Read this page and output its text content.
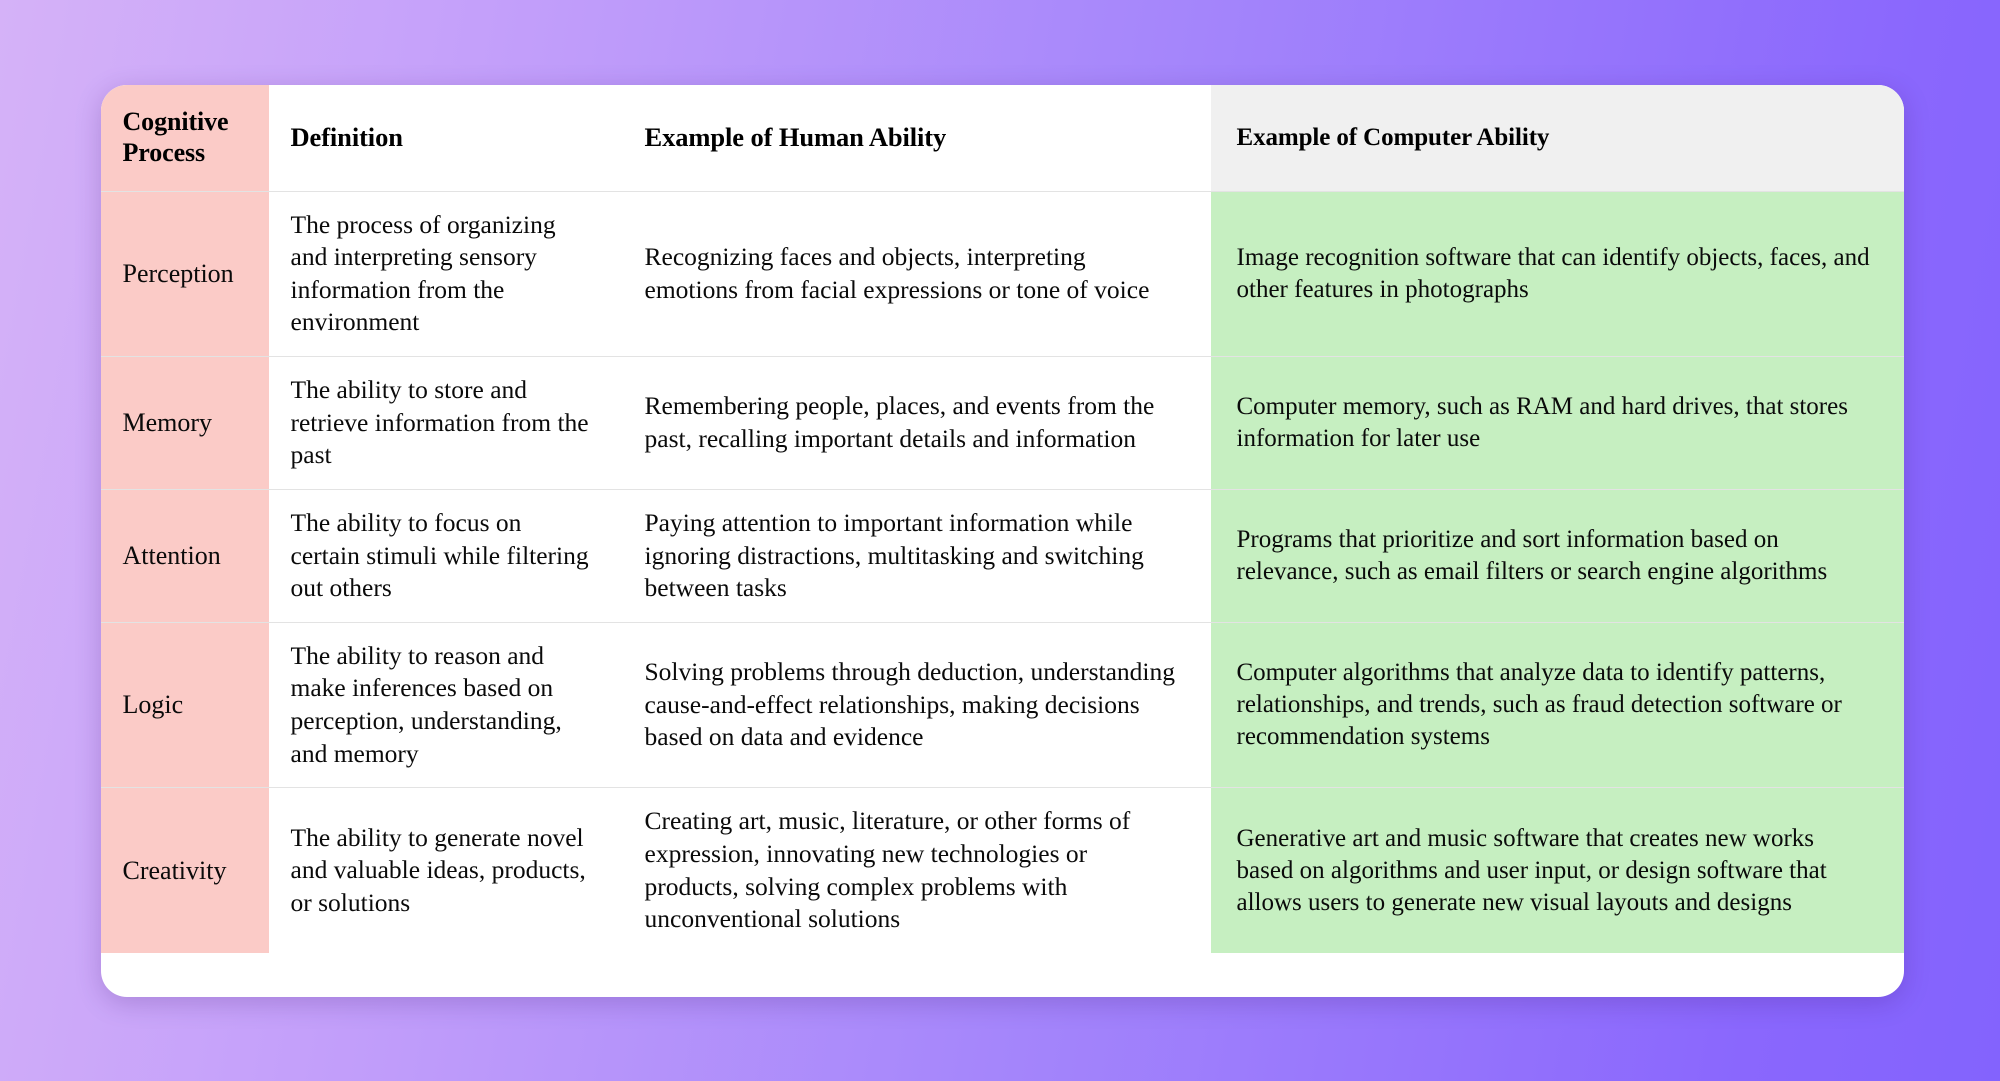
Cognitive Process
Definition	Example of Human Ability	Example of Computer Ability
Perception
The process of organizing and interpreting sensory information from the environment
Recognizing faces and objects, interpreting emotions from facial expressions or tone of voice
Image recognition software that can identify objects, faces, and other features in photographs
Memory
The ability to store and retrieve information from the past
Remembering people, places, and events from the past, recalling important details and information
Computer memory, such as RAM and hard drives, that stores information for later use
Attention
The ability to focus on certain stimuli while filtering out others
Paying attention to important information while ignoring distractions, multitasking and switching between tasks
Programs that prioritize and sort information based on relevance, such as email filters or search engine algorithms
Logic
The ability to reason and make inferences based on perception, understanding, and memory
Solving problems through deduction, understanding cause-and-effect relationships, making decisions based on data and evidence
Computer algorithms that analyze data to identify patterns, relationships, and trends, such as fraud detection software or recommendation systems
Creativity
The ability to generate novel and valuable ideas, products, or solutions
Creating art, music, literature, or other forms of expression, innovating new technologies or products, solving complex problems with unconventional solutions
Generative art and music software that creates new works based on algorithms and user input, or design software that allows users to generate new visual layouts and designs
